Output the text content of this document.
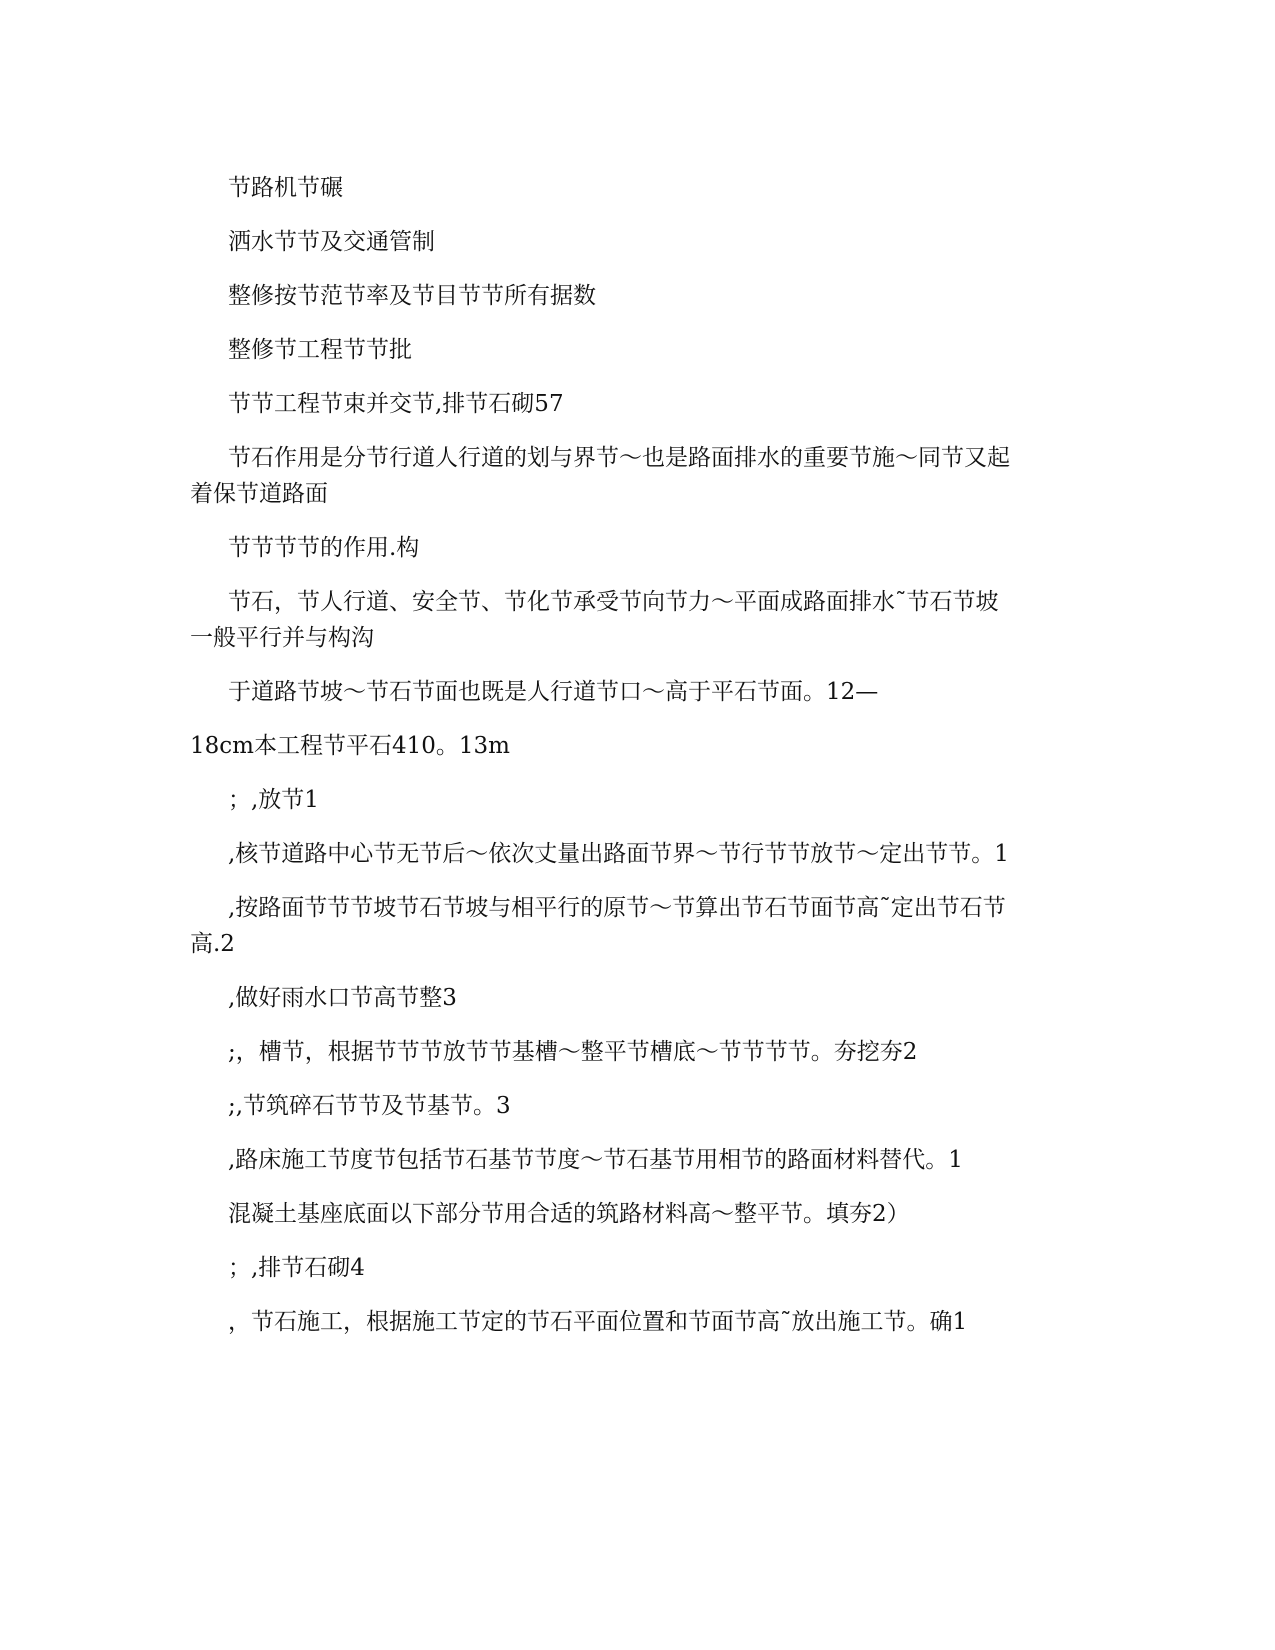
节路机节碾

洒水节节及交通管制

整修按节范节率及节目节节所有据数

整修节工程节节批

节节工程节束并交节,排节石砌57

节石作用是分节行道人行道的划与界节～也是路面排水的重要节施～同节又起
着保节道路面

节节节节的作用.构

节石，节人行道、安全节、节化节承受节向节力～平面成路面排水˜节石节坡
一般平行并与构沟

于道路节坡～节石节面也既是人行道节口～高于平石节面。12—

18cm本工程节平石410。13m

；,放节1

,核节道路中心节无节后～依次丈量出路面节界～节行节节放节～定出节节。1

,按路面节节节坡节石节坡与相平行的原节～节算出节石节面节高˜定出节石节
高.2

,做好雨水口节高节整3

;，槽节，根据节节节放节节基槽～整平节槽底～节节节节。夯挖夯2

;,节筑碎石节节及节基节。3

,路床施工节度节包括节石基节节度～节石基节用相节的路面材料替代。1

混凝土基座底面以下部分节用合适的筑路材料高～整平节。填夯2）

；,排节石砌4

，节石施工，根据施工节定的节石平面位置和节面节高˜放出施工节。确1
